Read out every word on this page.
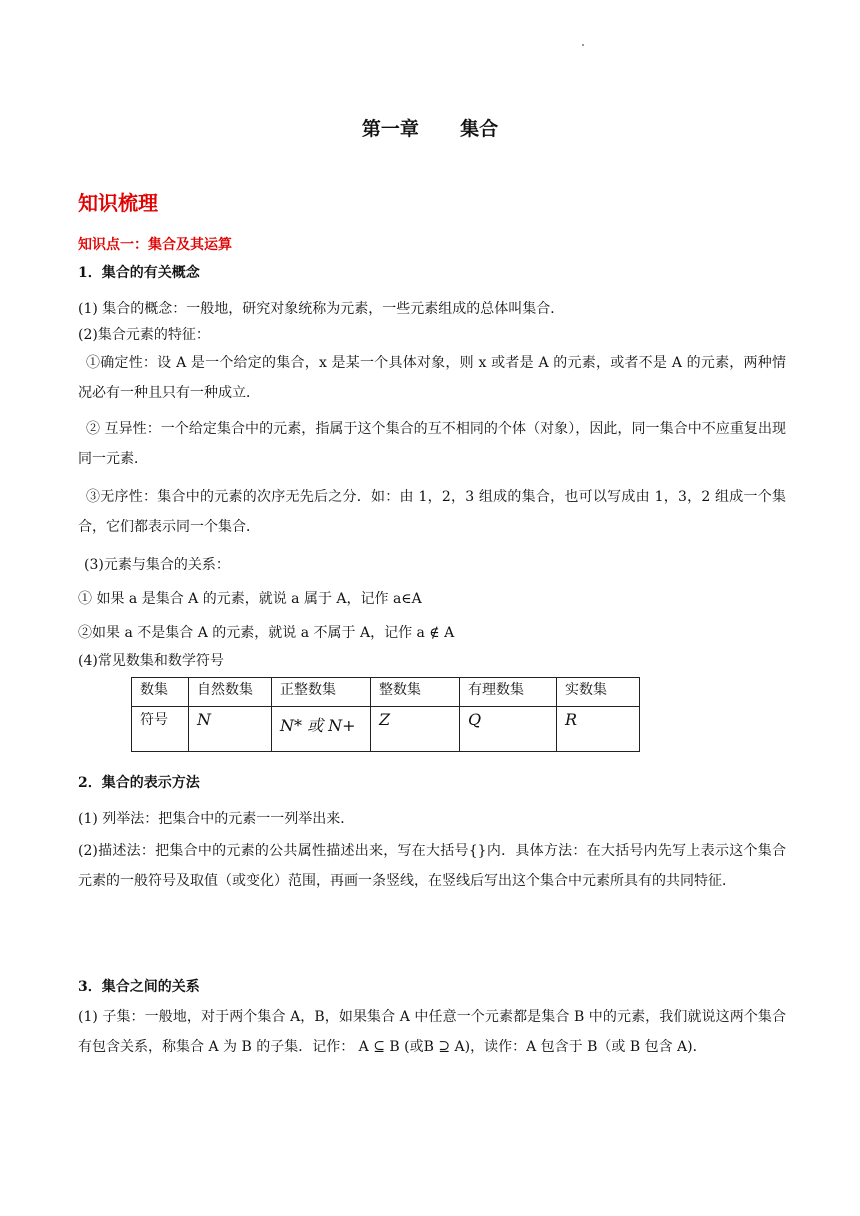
第一章 集合
知识梳理
知识点一：集合及其运算
1．集合的有关概念
(1) 集合的概念：一般地，研究对象统称为元素，一些元素组成的总体叫集合．
(2)集合元素的特征：
①确定性：设 A 是一个给定的集合，x 是某一个具体对象，则 x 或者是 A 的元素，或者不是 A 的元素，两种情况必有一种且只有一种成立．
② 互异性：一个给定集合中的元素，指属于这个集合的互不相同的个体（对象），因此，同一集合中不应重复出现同一元素．
③无序性：集合中的元素的次序无先后之分．如：由 1，2，3 组成的集合，也可以写成由 1，3，2 组成一个集合，它们都表示同一个集合．
(3)元素与集合的关系：
① 如果 a 是集合 A 的元素，就说 a 属于 A，记作 a∈A
②如果 a 不是集合 A 的元素，就说 a 不属于 A，记作 a ∉ A
(4)常见数集和数学符号
数集	自然数集	正整数集	整数集	有理数集	实数集
符号	N	N* 或 N+	Z	Q	R
2．集合的表示方法
(1) 列举法：把集合中的元素一一列举出来．
(2)描述法：把集合中的元素的公共属性描述出来，写在大括号{}内．具体方法：在大括号内先写上表示这个集合元素的一般符号及取值（或变化）范围，再画一条竖线，在竖线后写出这个集合中元素所具有的共同特征．
3．集合之间的关系
(1) 子集：一般地，对于两个集合 A，B，如果集合 A 中任意一个元素都是集合 B 中的元素，我们就说这两个集合有包含关系，称集合 A 为 B 的子集．记作： A ⊆ B (或B ⊇ A)，读作：A 包含于 B（或 B 包含 A)．
